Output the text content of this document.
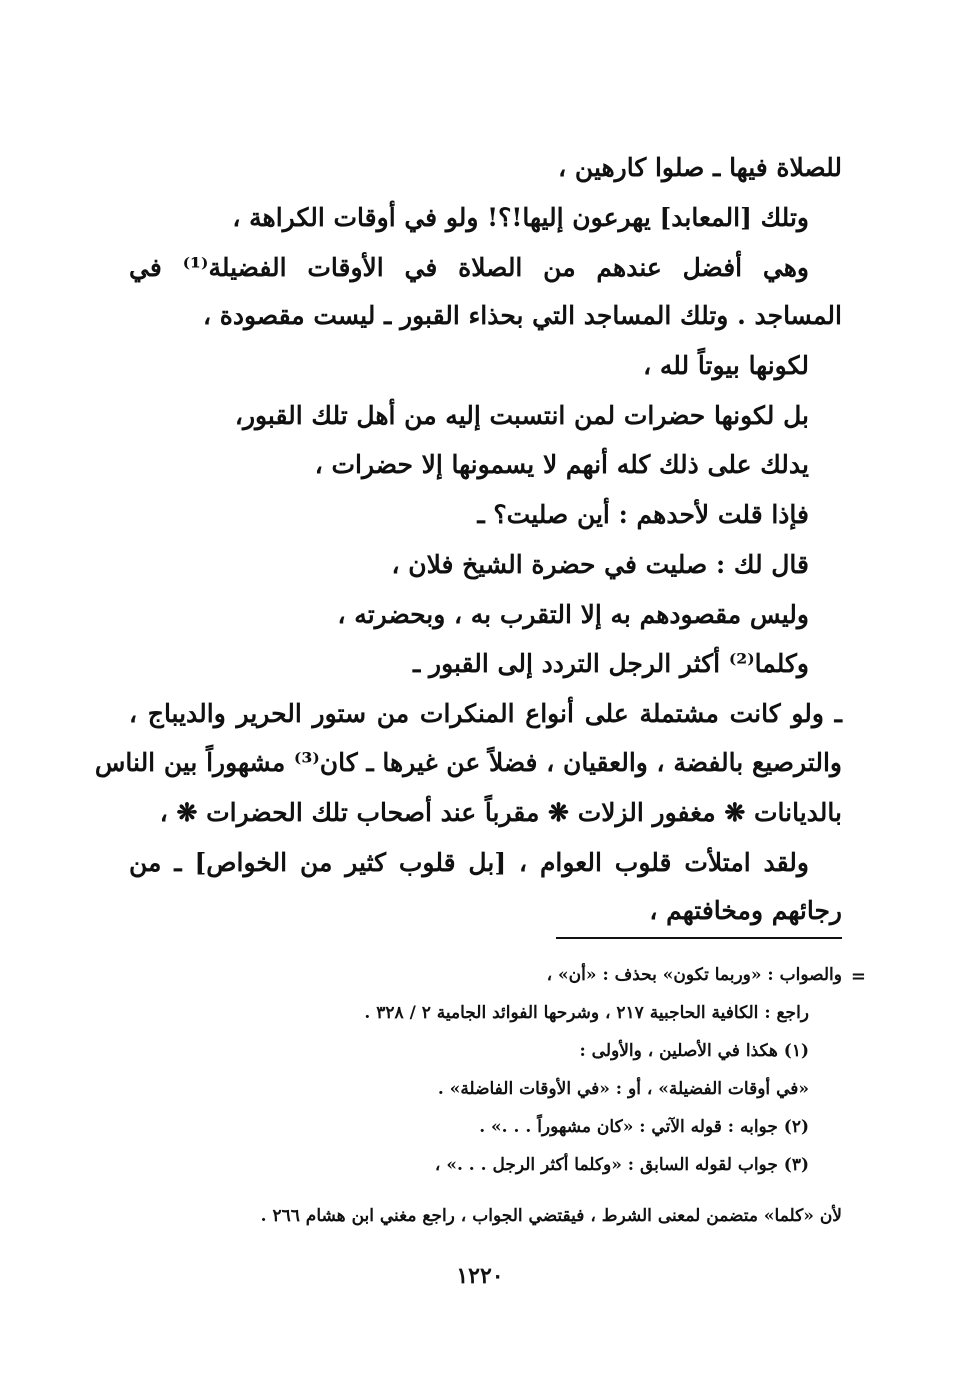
للصلاة فيها ـ صلوا كارهين ،
وتلك [المعابد] يهرعون إليها!؟! ولو في أوقات الكراهة ،
وهي أفضل عندهم من الصلاة في الأوقات الفضيلة⁽¹⁾ في
المساجد . وتلك المساجد التي بحذاء القبور ـ ليست مقصودة ،
لكونها بيوتاً لله ،
بل لكونها حضرات لمن انتسبت إليه من أهل تلك القبور،
يدلك على ذلك كله أنهم لا يسمونها إلا حضرات ،
فإذا قلت لأحدهم : أين صليت؟ ـ
قال لك : صليت في حضرة الشيخ فلان ،
وليس مقصودهم به إلا التقرب به ، وبحضرته ،
وكلما⁽²⁾ أكثر الرجل التردد إلى القبور ـ
ـ ولو كانت مشتملة على أنواع المنكرات من ستور الحرير والديباج ،
والترصيع بالفضة ، والعقيان ، فضلاً عن غيرها ـ كان⁽³⁾ مشهوراً بين الناس
بالديانات ❋ مغفور الزلات ❋ مقرباً عند أصحاب تلك الحضرات ❋ ،
ولقد امتلأت قلوب العوام ، [بل قلوب كثير من الخواص] ـ من
رجائهم ومخافتهم ،
=
والصواب : «وربما تكون» بحذف : «أن» ،
راجع : الكافية الحاجبية ٢١٧ ، وشرحها الفوائد الجامية ٢ / ٣٢٨ .
(١) هكذا في الأصلين ، والأولى :
«في أوقات الفضيلة» ، أو : «في الأوقات الفاضلة» .
(٢) جوابه : قوله الآتي : «كان مشهوراً . . .» .
(٣) جواب لقوله السابق : «وكلما أكثر الرجل . . .» ،
لأن «كلما» متضمن لمعنى الشرط ، فيقتضي الجواب ، راجع مغني ابن هشام ٢٦٦ .
١٢٢٠
